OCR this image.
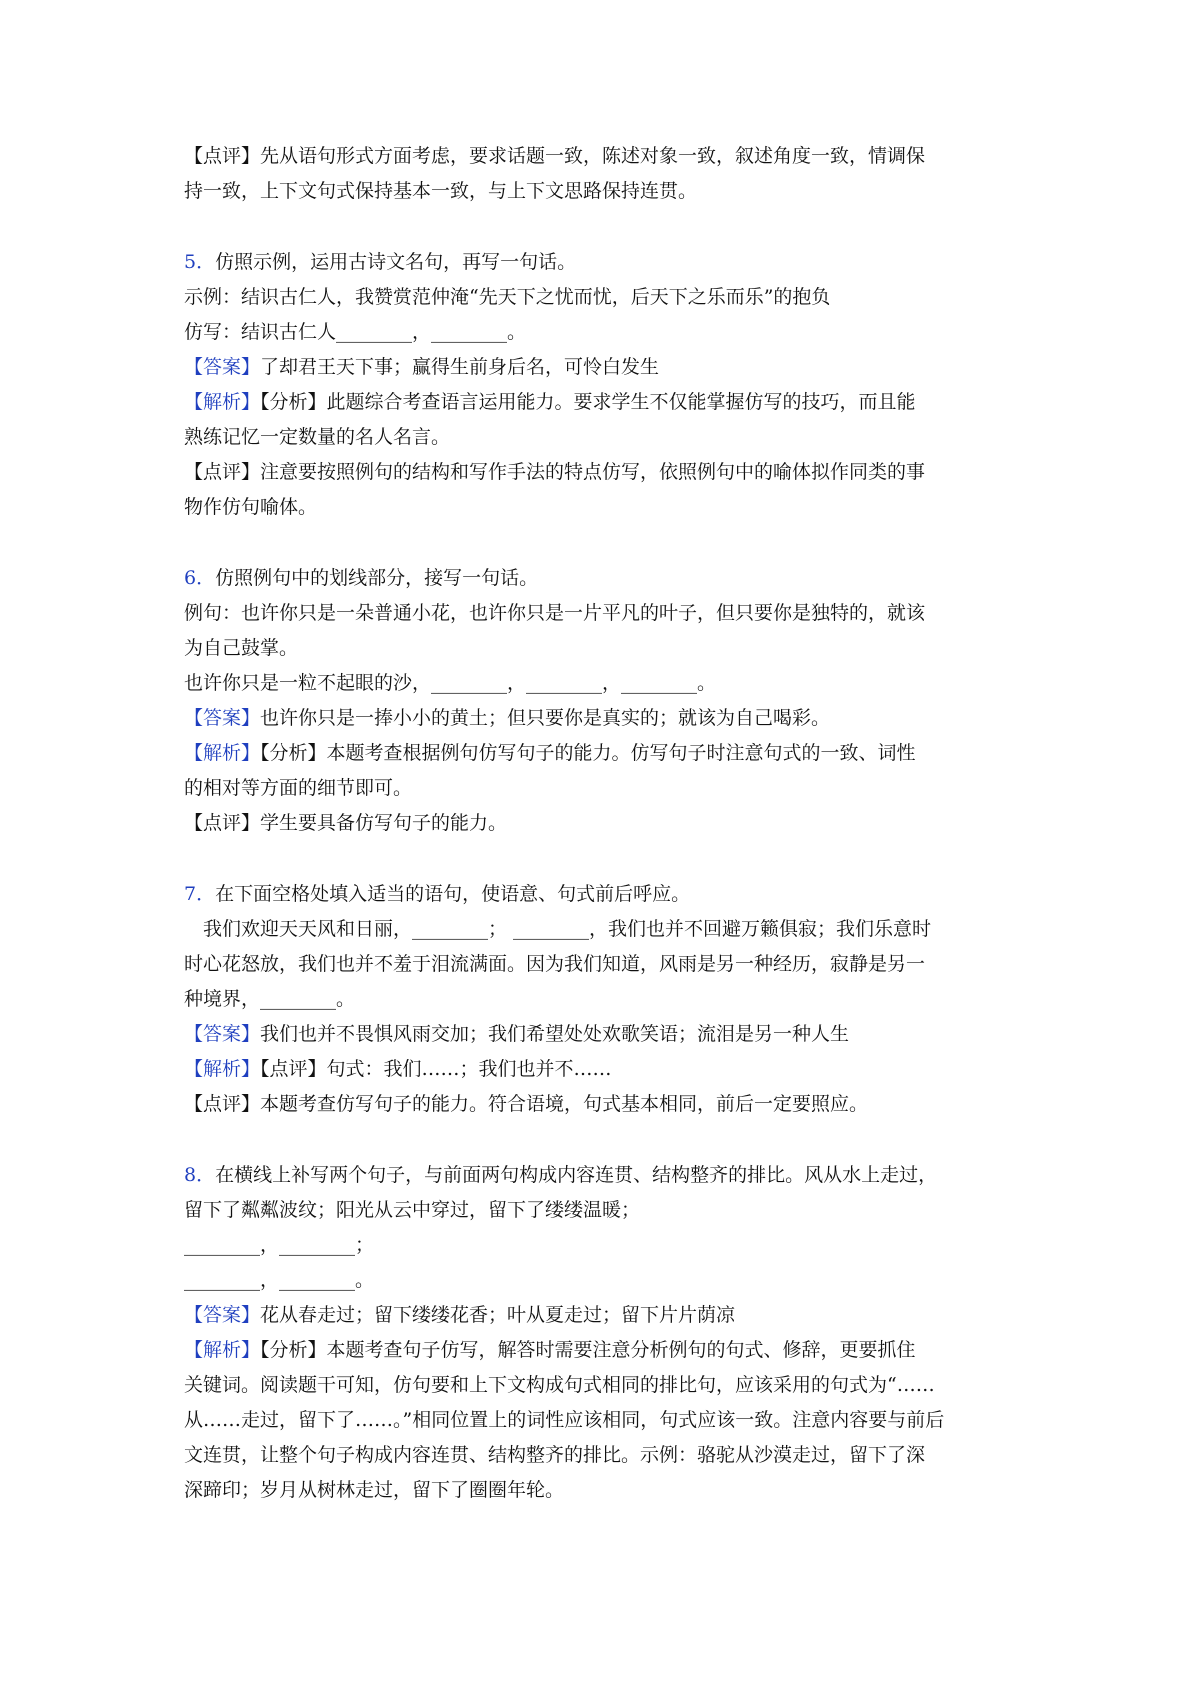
【点评】先从语句形式方面考虑，要求话题一致，陈述对象一致，叙述角度一致，情调保
持一致，上下文句式保持基本一致，与上下文思路保持连贯。
5．仿照示例，运用古诗文名句，再写一句话。
示例：结识古仁人，我赞赏范仲淹“先天下之忧而忧，后天下之乐而乐”的抱负
仿写：结识古仁人________，________。
【答案】了却君王天下事；赢得生前身后名，可怜白发生
【解析】【分析】此题综合考查语言运用能力。要求学生不仅能掌握仿写的技巧，而且能
熟练记忆一定数量的名人名言。
【点评】注意要按照例句的结构和写作手法的特点仿写，依照例句中的喻体拟作同类的事
物作仿句喻体。
6．仿照例句中的划线部分，接写一句话。
例句：也许你只是一朵普通小花，也许你只是一片平凡的叶子，但只要你是独特的，就该
为自己鼓掌。
也许你只是一粒不起眼的沙，________，________，________。
【答案】也许你只是一捧小小的黄土；但只要你是真实的；就该为自己喝彩。
【解析】【分析】本题考查根据例句仿写句子的能力。仿写句子时注意句式的一致、词性
的相对等方面的细节即可。
【点评】学生要具备仿写句子的能力。
7．在下面空格处填入适当的语句，使语意、句式前后呼应。
我们欢迎天天风和日丽，________； ________，我们也并不回避万籁俱寂；我们乐意时
时心花怒放，我们也并不羞于泪流满面。因为我们知道，风雨是另一种经历，寂静是另一
种境界，________。
【答案】我们也并不畏惧风雨交加；我们希望处处欢歌笑语；流泪是另一种人生
【解析】【点评】句式：我们……；我们也并不……
【点评】本题考查仿写句子的能力。符合语境，句式基本相同，前后一定要照应。
8．在横线上补写两个句子，与前面两句构成内容连贯、结构整齐的排比。风从水上走过，
留下了粼粼波纹；阳光从云中穿过，留下了缕缕温暖；
________，________；
________，________。
【答案】花从春走过；留下缕缕花香；叶从夏走过；留下片片荫凉
【解析】【分析】本题考查句子仿写，解答时需要注意分析例句的句式、修辞，更要抓住
关键词。阅读题干可知，仿句要和上下文构成句式相同的排比句，应该采用的句式为“……
从……走过，留下了……。”相同位置上的词性应该相同，句式应该一致。注意内容要与前后
文连贯，让整个句子构成内容连贯、结构整齐的排比。示例：骆驼从沙漠走过，留下了深
深蹄印；岁月从树林走过，留下了圈圈年轮。
